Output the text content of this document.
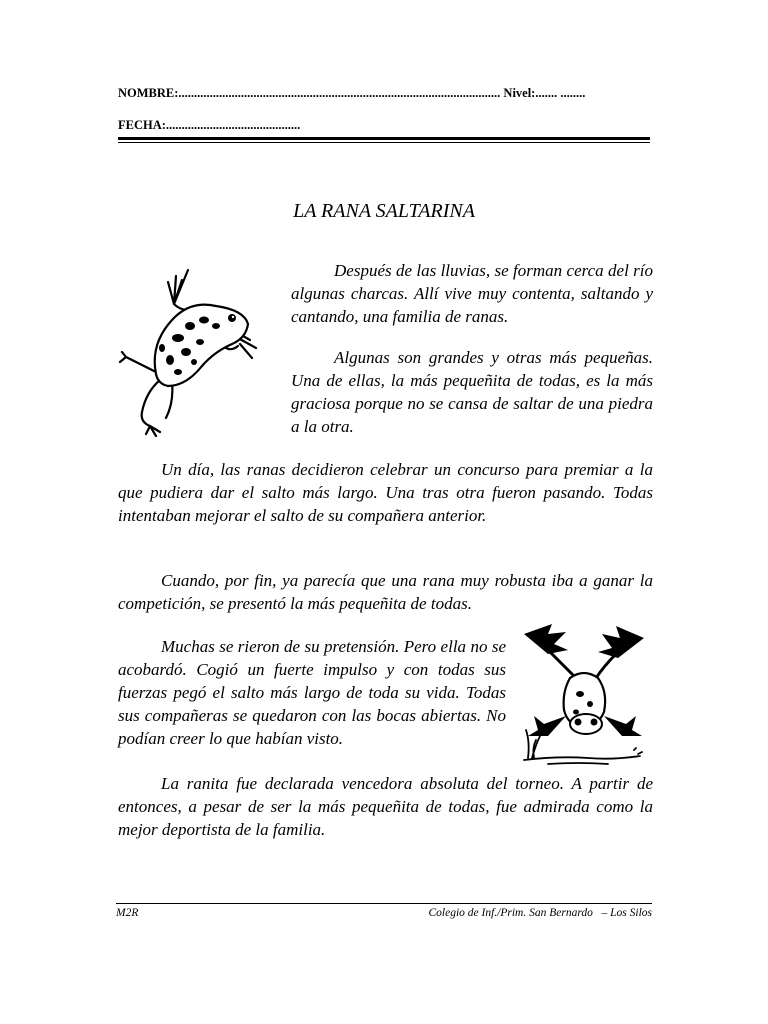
NOMBRE:....................................................................................................... Nivel:....... ........
FECHA:...........................................
LA RANA SALTARINA

Después de las lluvias, se forman cerca del río algunas charcas. Allí vive muy contenta, saltando y cantando, una familia de ranas.

Algunas son grandes y otras más pequeñas. Una de ellas, la más pequeñita de todas, es la más graciosa porque no se cansa de saltar de una piedra a la otra.

Un día, las ranas decidieron celebrar un concurso para premiar a la que pudiera dar el salto más largo. Una tras otra fueron pasando. Todas intentaban mejorar el salto de su compañera anterior.

Cuando, por fin, ya parecía que una rana muy robusta iba a ganar la competición, se presentó la más pequeñita de todas.

Muchas se rieron de su pretensión. Pero ella no se acobardó. Cogió un fuerte impulso y con todas sus fuerzas pegó el salto más largo de toda su vida. Todas sus compañeras se quedaron con las bocas abiertas. No podían creer lo que habían visto.

La ranita fue declarada vencedora absoluta del torneo. A partir de entonces, a pesar de ser la más pequeñita de todas, fue admirada como la mejor deportista de la familia.

M2R	Colegio de Inf./Prim. San Bernardo   – Los Silos
